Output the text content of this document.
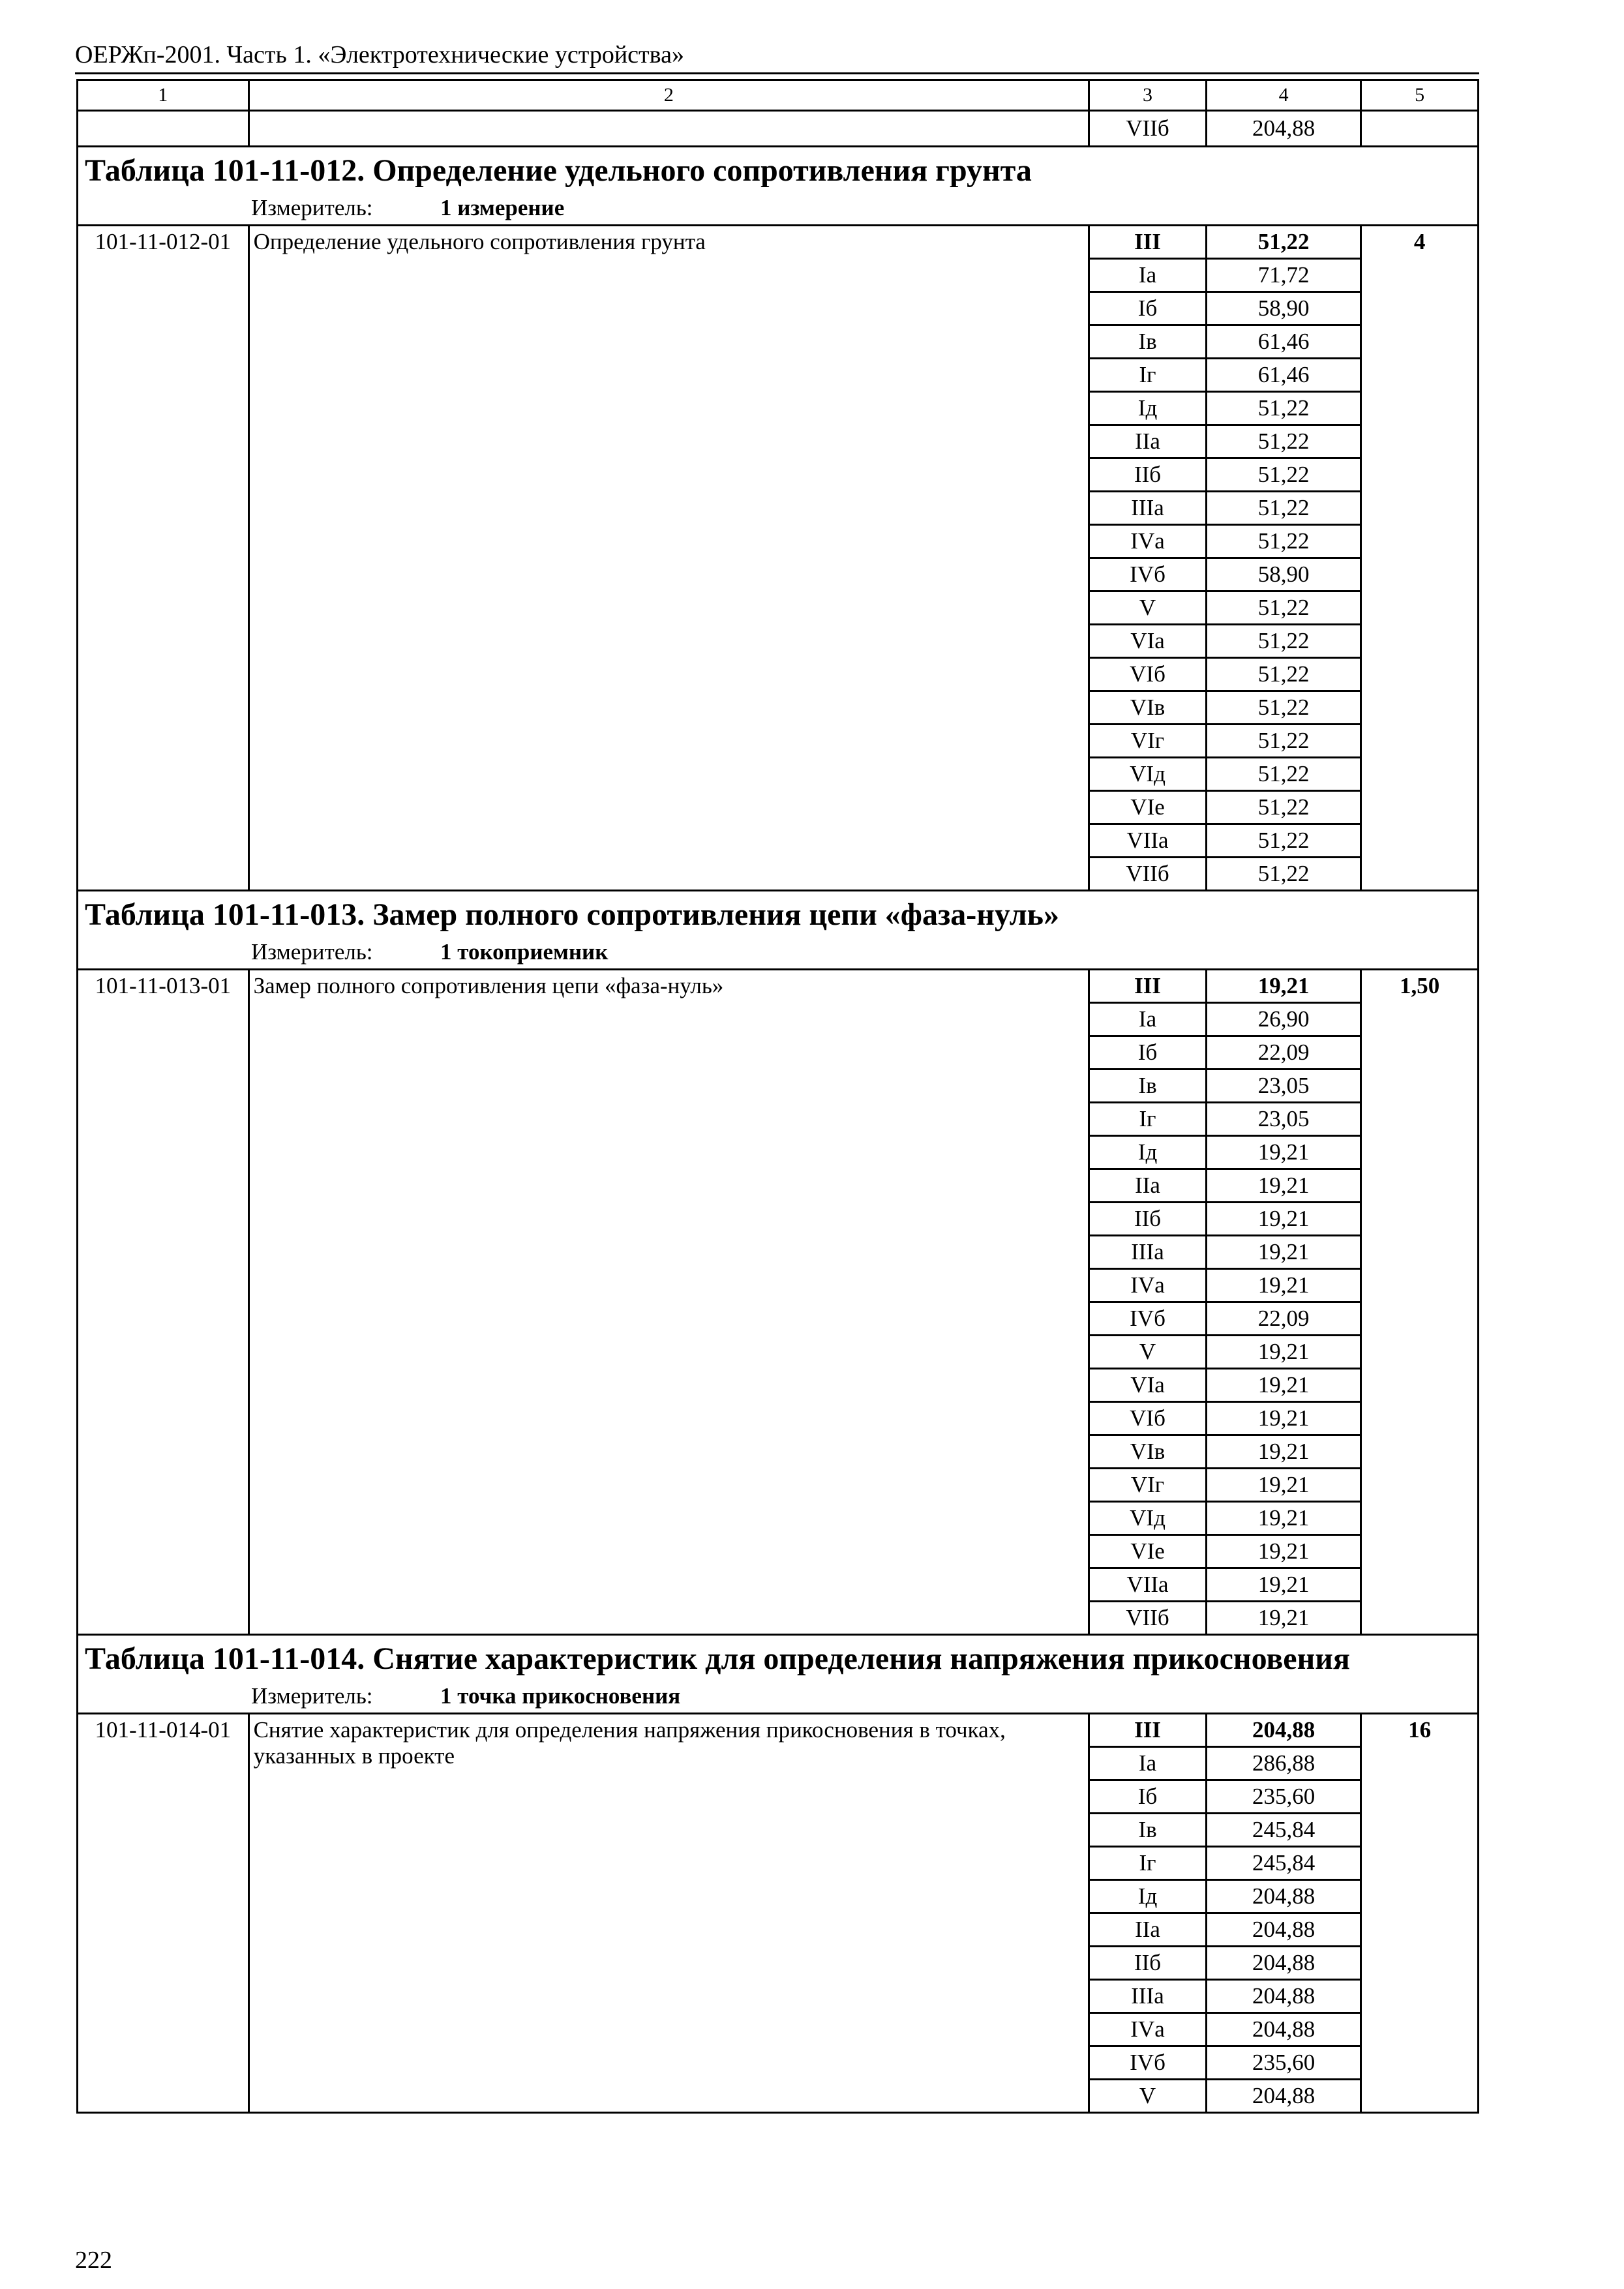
ОЕРЖп-2001. Часть 1. «Электротехнические устройства»
1	2	3	4	5
		VIIб	204,88	

Таблица 101-11-012. Определение удельного сопротивления грунта
Измеритель: 1 измерение				

101-11-012-01	Определение удельного сопротивления грунта	III	51,22	4
		Iа	71,72	
		Iб	58,90	
		Iв	61,46	
		Iг	61,46	
		Iд	51,22	
		IIа	51,22	
		IIб	51,22	
		IIIа	51,22	
		IVа	51,22	
		IVб	58,90	
		V	51,22	
		VIа	51,22	
		VIб	51,22	
		VIв	51,22	
		VIг	51,22	
		VIд	51,22	
		VIе	51,22	
		VIIа	51,22	
		VIIб	51,22	

Таблица 101-11-013. Замер полного сопротивления цепи «фаза-нуль»
Измеритель: 1 токоприемник				

101-11-013-01	Замер полного сопротивления цепи «фаза-нуль»	III	19,21	1,50
		Iа	26,90	
		Iб	22,09	
		Iв	23,05	
		Iг	23,05	
		Iд	19,21	
		IIа	19,21	
		IIб	19,21	
		IIIа	19,21	
		IVа	19,21	
		IVб	22,09	
		V	19,21	
		VIа	19,21	
		VIб	19,21	
		VIв	19,21	
		VIг	19,21	
		VIд	19,21	
		VIе	19,21	
		VIIа	19,21	
		VIIб	19,21	

Таблица 101-11-014. Снятие характеристик для определения напряжения прикосновения
Измеритель: 1 точка прикосновения				

101-11-014-01	Снятие характеристик для определения напряжения прикосновения в точках, указанных в проекте	III	204,88	16
		Iа	286,88	
		Iб	235,60	
		Iв	245,84	
		Iг	245,84	
		Iд	204,88	
		IIа	204,88	
		IIб	204,88	
		IIIа	204,88	
		IVа	204,88	
		IVб	235,60	
		V	204,88	
222
